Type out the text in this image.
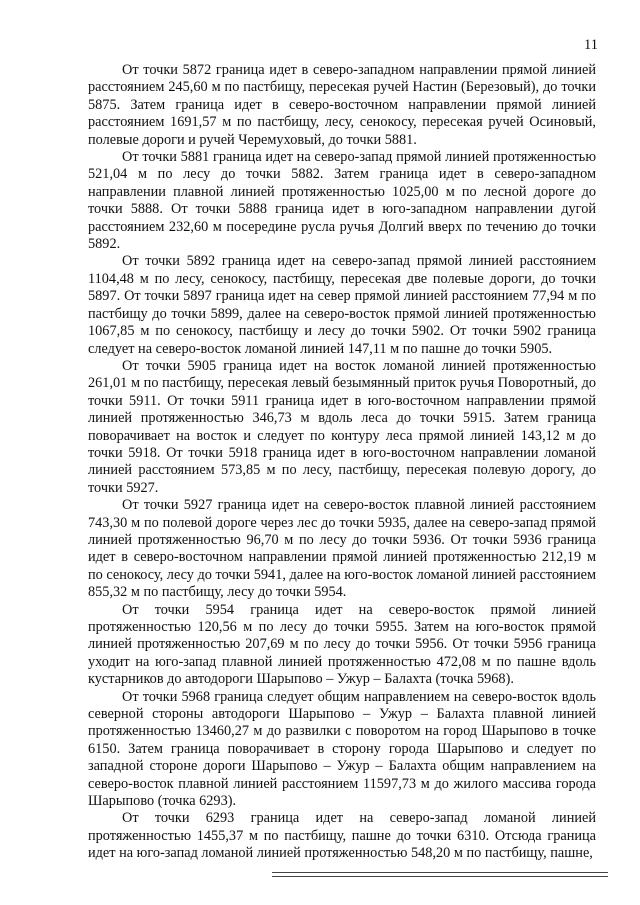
11

От точки 5872 граница идет в северо-западном направлении прямой линией расстоянием 245,60 м по пастбищу, пересекая ручей Настин (Березовый), до точки 5875. Затем граница идет в северо-восточном направлении прямой линией расстоянием 1691,57 м по пастбищу, лесу, сенокосу, пересекая ручей Осиновый, полевые дороги и ручей Черемуховый, до точки 5881.

От точки 5881 граница идет на северо-запад прямой линией протяженностью 521,04 м по лесу до точки 5882. Затем граница идет в северо-западном направлении плавной линией протяженностью 1025,00 м по лесной дороге до точки 5888. От точки 5888 граница идет в юго-западном направлении дугой расстоянием 232,60 м посередине русла ручья Долгий вверх по течению до точки 5892.

От точки 5892 граница идет на северо-запад прямой линией расстоянием 1104,48 м по лесу, сенокосу, пастбищу, пересекая две полевые дороги, до точки 5897. От точки 5897 граница идет на север прямой линией расстоянием 77,94 м по пастбищу до точки 5899, далее на северо-восток прямой линией протяженностью 1067,85 м по сенокосу, пастбищу и лесу до точки 5902. От точки 5902 граница следует на северо-восток ломаной линией 147,11 м по пашне до точки 5905.

От точки 5905 граница идет на восток ломаной линией протяженностью 261,01 м по пастбищу, пересекая левый безымянный приток ручья Поворотный, до точки 5911. От точки 5911 граница идет в юго-восточном направлении прямой линией протяженностью 346,73 м вдоль леса до точки 5915. Затем граница поворачивает на восток и следует по контуру леса прямой линией 143,12 м до точки 5918. От точки 5918 граница идет в юго-восточном направлении ломаной линией расстоянием 573,85 м по лесу, пастбищу, пересекая полевую дорогу, до точки 5927.

От точки 5927 граница идет на северо-восток плавной линией расстоянием 743,30 м по полевой дороге через лес до точки 5935, далее на северо-запад прямой линией протяженностью 96,70 м по лесу до точки 5936. От точки 5936 граница идет в северо-восточном направлении прямой линией протяженностью 212,19 м по сенокосу, лесу до точки 5941, далее на юго-восток ломаной линией расстоянием 855,32 м по пастбищу, лесу до точки 5954.

От точки 5954 граница идет на северо-восток прямой линией протяженностью 120,56 м по лесу до точки 5955. Затем на юго-восток прямой линией протяженностью 207,69 м по лесу до точки 5956. От точки 5956 граница уходит на юго-запад плавной линией протяженностью 472,08 м по пашне вдоль кустарников до автодороги Шарыпово – Ужур – Балахта (точка 5968).

От точки 5968 граница следует общим направлением на северо-восток вдоль северной стороны автодороги Шарыпово – Ужур – Балахта плавной линией протяженностью 13460,27 м до развилки с поворотом на город Шарыпово в точке 6150. Затем граница поворачивает в сторону города Шарыпово и следует по западной стороне дороги Шарыпово – Ужур – Балахта общим направлением на северо-восток плавной линией расстоянием 11597,73 м до жилого массива города Шарыпово (точка 6293).

От точки 6293 граница идет на северо-запад ломаной линией протяженностью 1455,37 м по пастбищу, пашне до точки 6310. Отсюда граница идет на юго-запад ломаной линией протяженностью 548,20 м по пастбищу, пашне,
